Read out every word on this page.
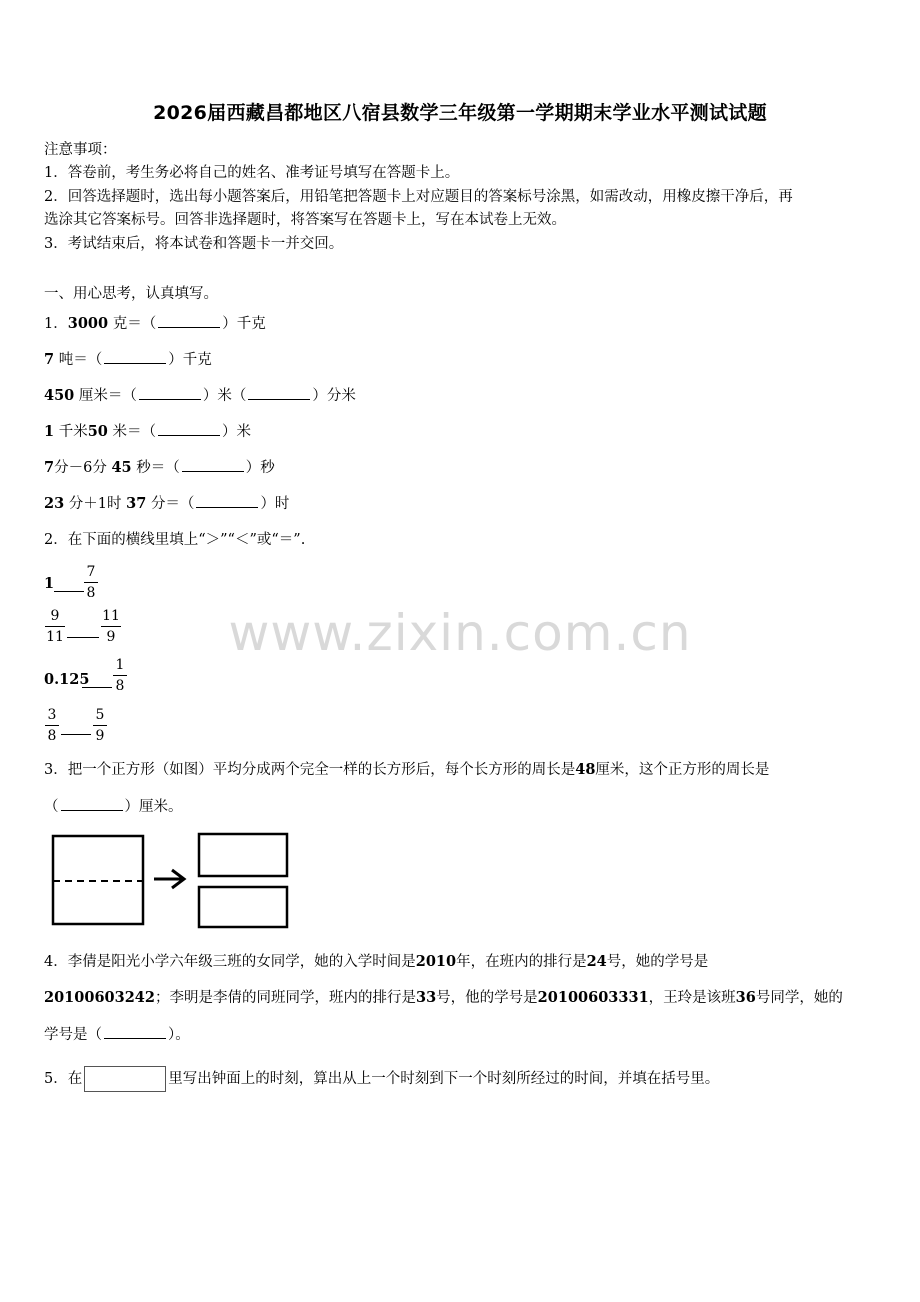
2026届西藏昌都地区八宿县数学三年级第一学期期末学业水平测试试题
注意事项：
1．答卷前，考生务必将自己的姓名、准考证号填写在答题卡上。
2．回答选择题时，选出每小题答案后，用铅笔把答题卡上对应题目的答案标号涂黑，如需改动，用橡皮擦干净后，再
选涂其它答案标号。回答非选择题时，将答案写在答题卡上，写在本试卷上无效。
3．考试结束后，将本试卷和答题卡一并交回。
一、用心思考，认真填写。
1．3000 克＝（	）千克
7 吨＝（	）千克
450 厘米＝（	）米（	）分米
1 千米50 米＝（	）米
7分－6分 45 秒＝（	）秒
23 分＋1时 37 分＝（	）时
2．在下面的横线里填上“＞”“＜”或“＝”.
1
7
8
9
11
11
9
0.125
1
8
3
8
5
9
www.zixin.com.cn
3．把一个正方形（如图）平均分成两个完全一样的长方形后，每个长方形的周长是48厘米，这个正方形的周长是
（	）厘米。
4．李倩是阳光小学六年级三班的女同学，她的入学时间是2010年，在班内的排行是24号，她的学号是
20100603242；李明是李倩的同班同学，班内的排行是33号，他的学号是20100603331，王玲是该班36号同学，她的
学号是（	）。
5．在	里写出钟面上的时刻，算出从上一个时刻到下一个时刻所经过的时间，并填在括号里。
